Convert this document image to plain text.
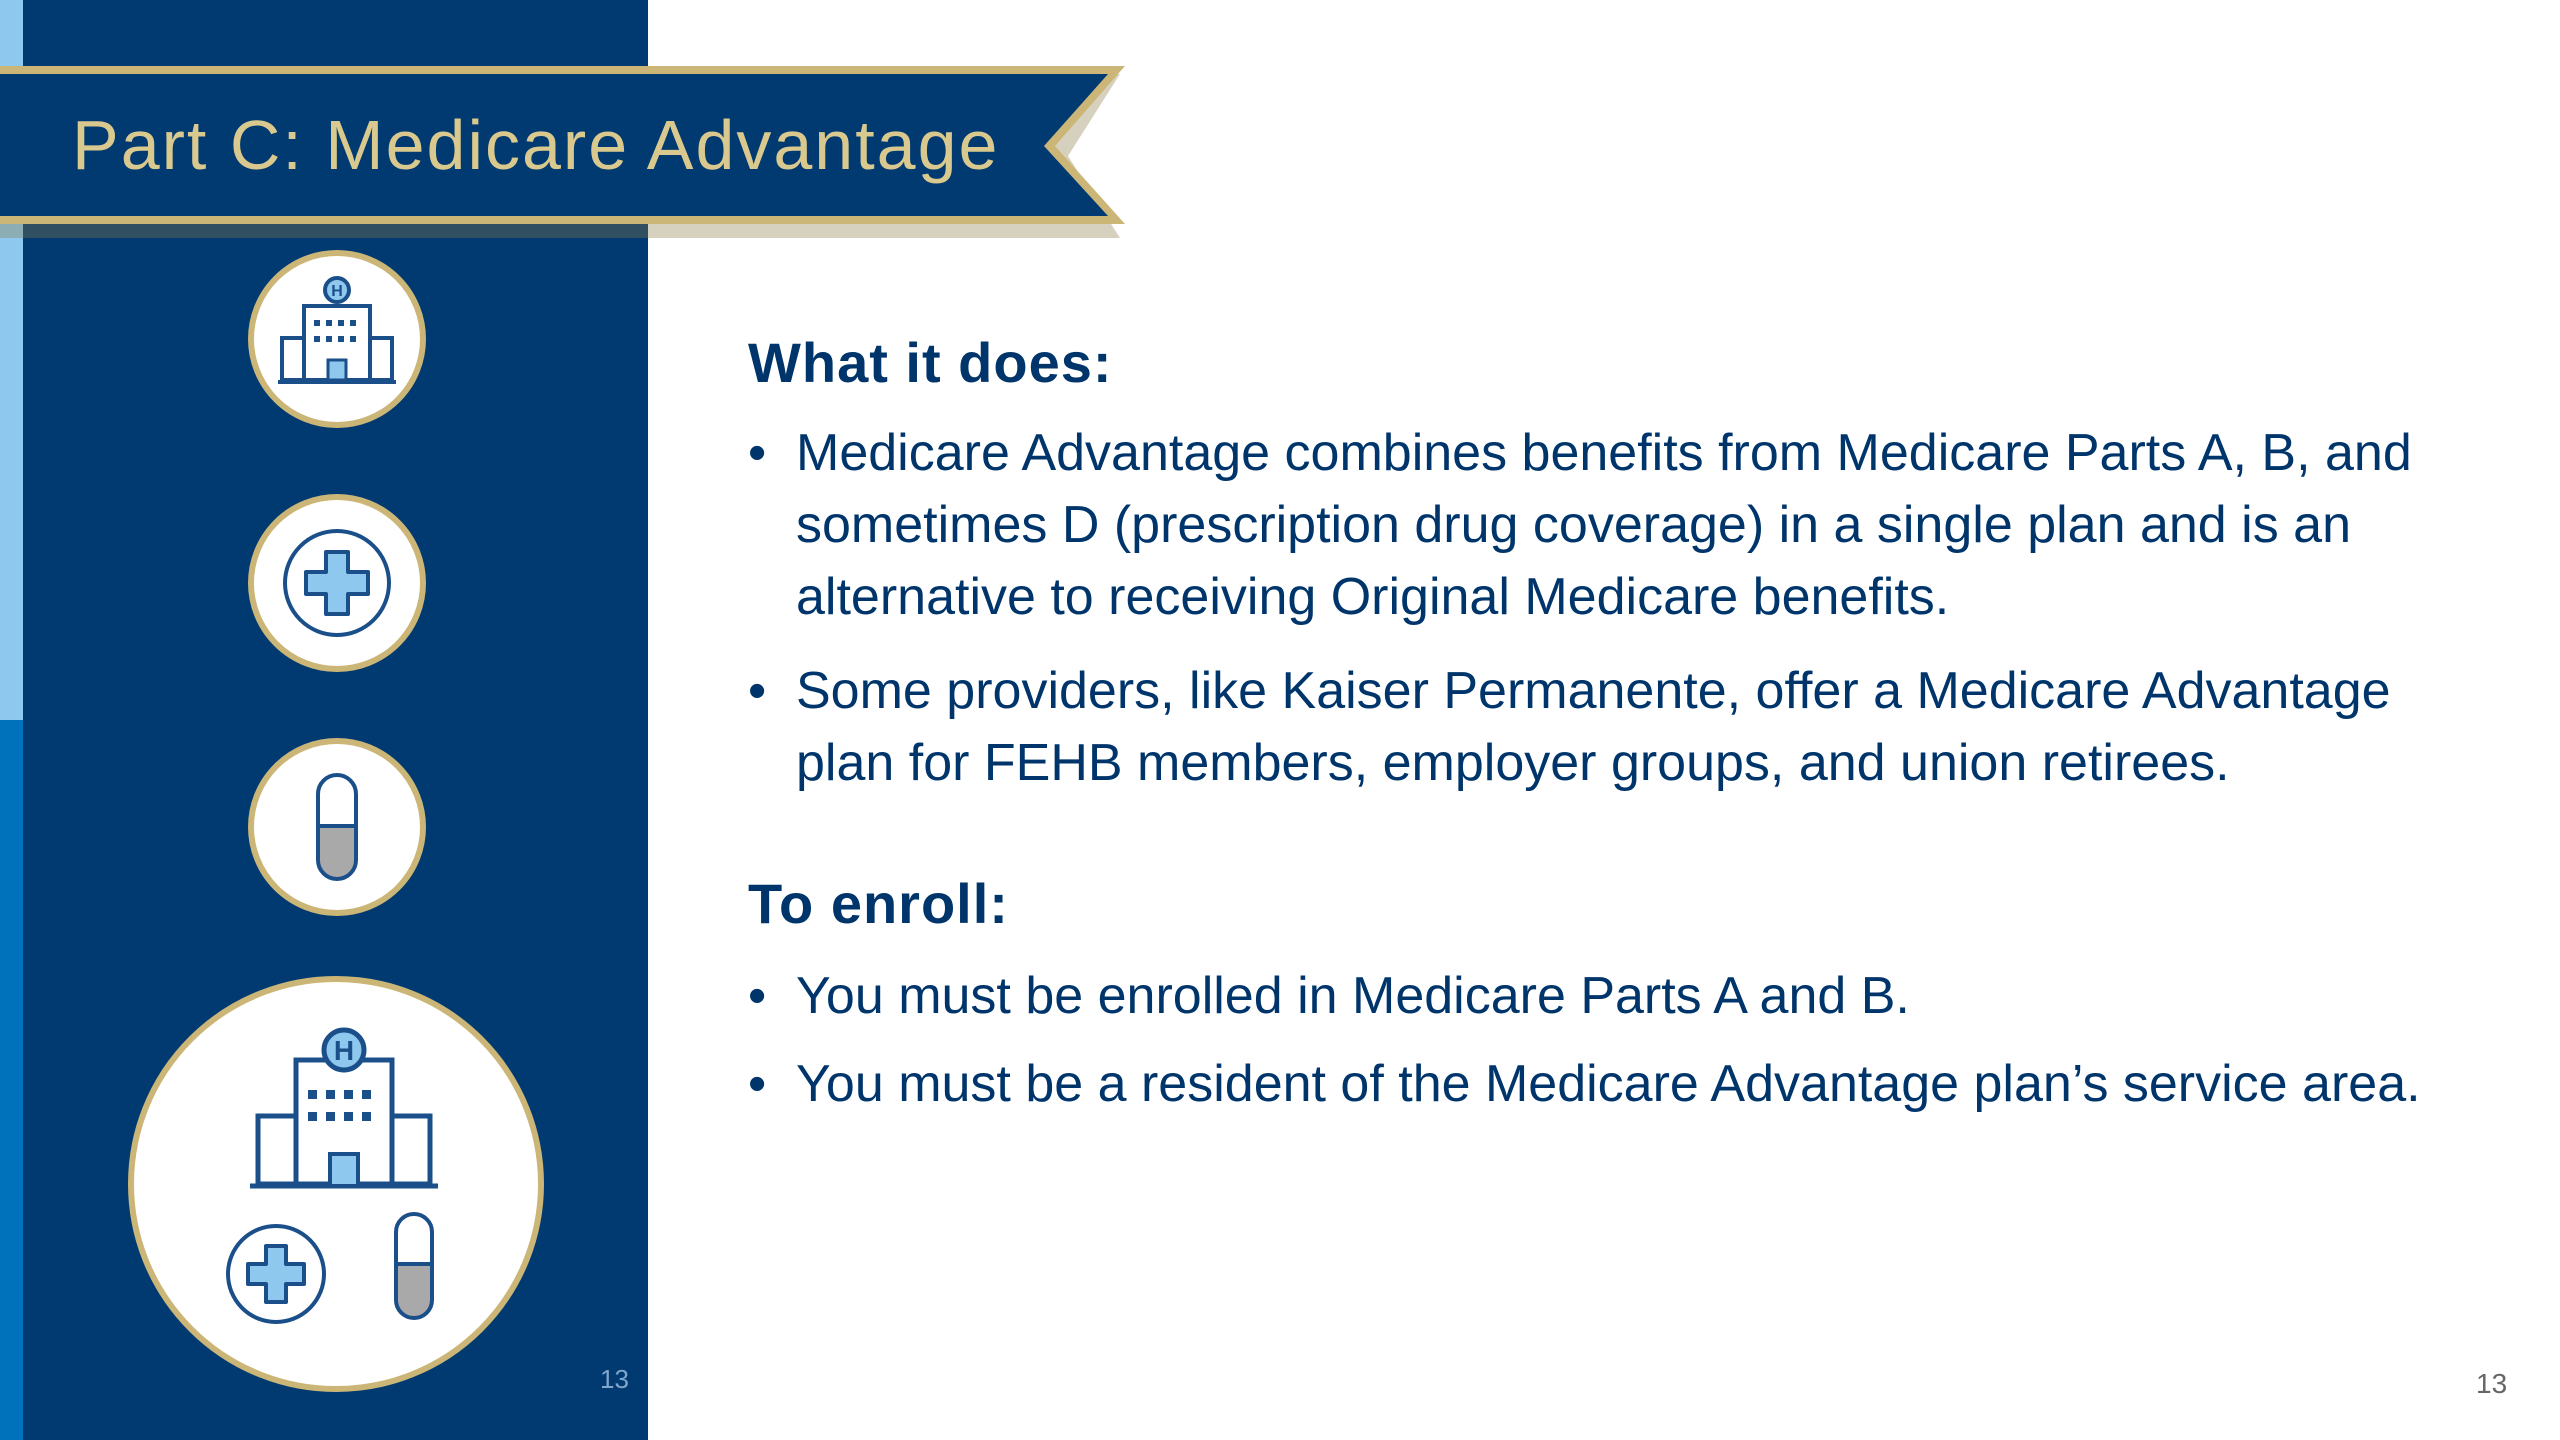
Part C: Medicare Advantage
H
H
13
What it does:
• Medicare Advantage combines benefits from Medicare Parts A, B, and sometimes D (prescription drug coverage) in a single plan and is an alternative to receiving Original Medicare benefits.
• Some providers, like Kaiser Permanente, offer a Medicare Advantage plan for FEHB members, employer groups, and union retirees.
To enroll:
• You must be enrolled in Medicare Parts A and B.
• You must be a resident of the Medicare Advantage plan’s service area.
13
